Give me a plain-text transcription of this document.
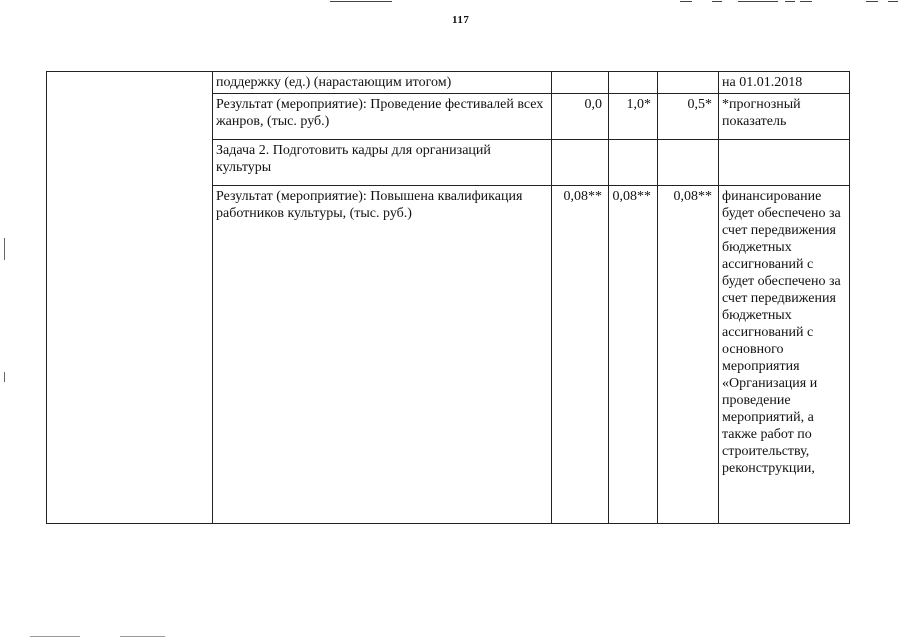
117
	поддержку (ед.) (нарастающим итогом)				на 01.01.2018
	Результат (мероприятие): Проведение фестивалей всех жанров, (тыс. руб.)	0,0	1,0*	0,5*	*прогнозный показатель
	Задача 2. Подготовить кадры для организаций культуры				
	Результат (мероприятие): Повышена квалификация работников культуры, (тыс. руб.)	0,08**	0,08**	0,08**	финансирование будет обеспечено за счет передвижения бюджетных ассигнований с будет обеспечено за счет передвижения бюджетных ассигнований с основного мероприятия «Организация и проведение мероприятий, а также работ по строительству, реконструкции,
